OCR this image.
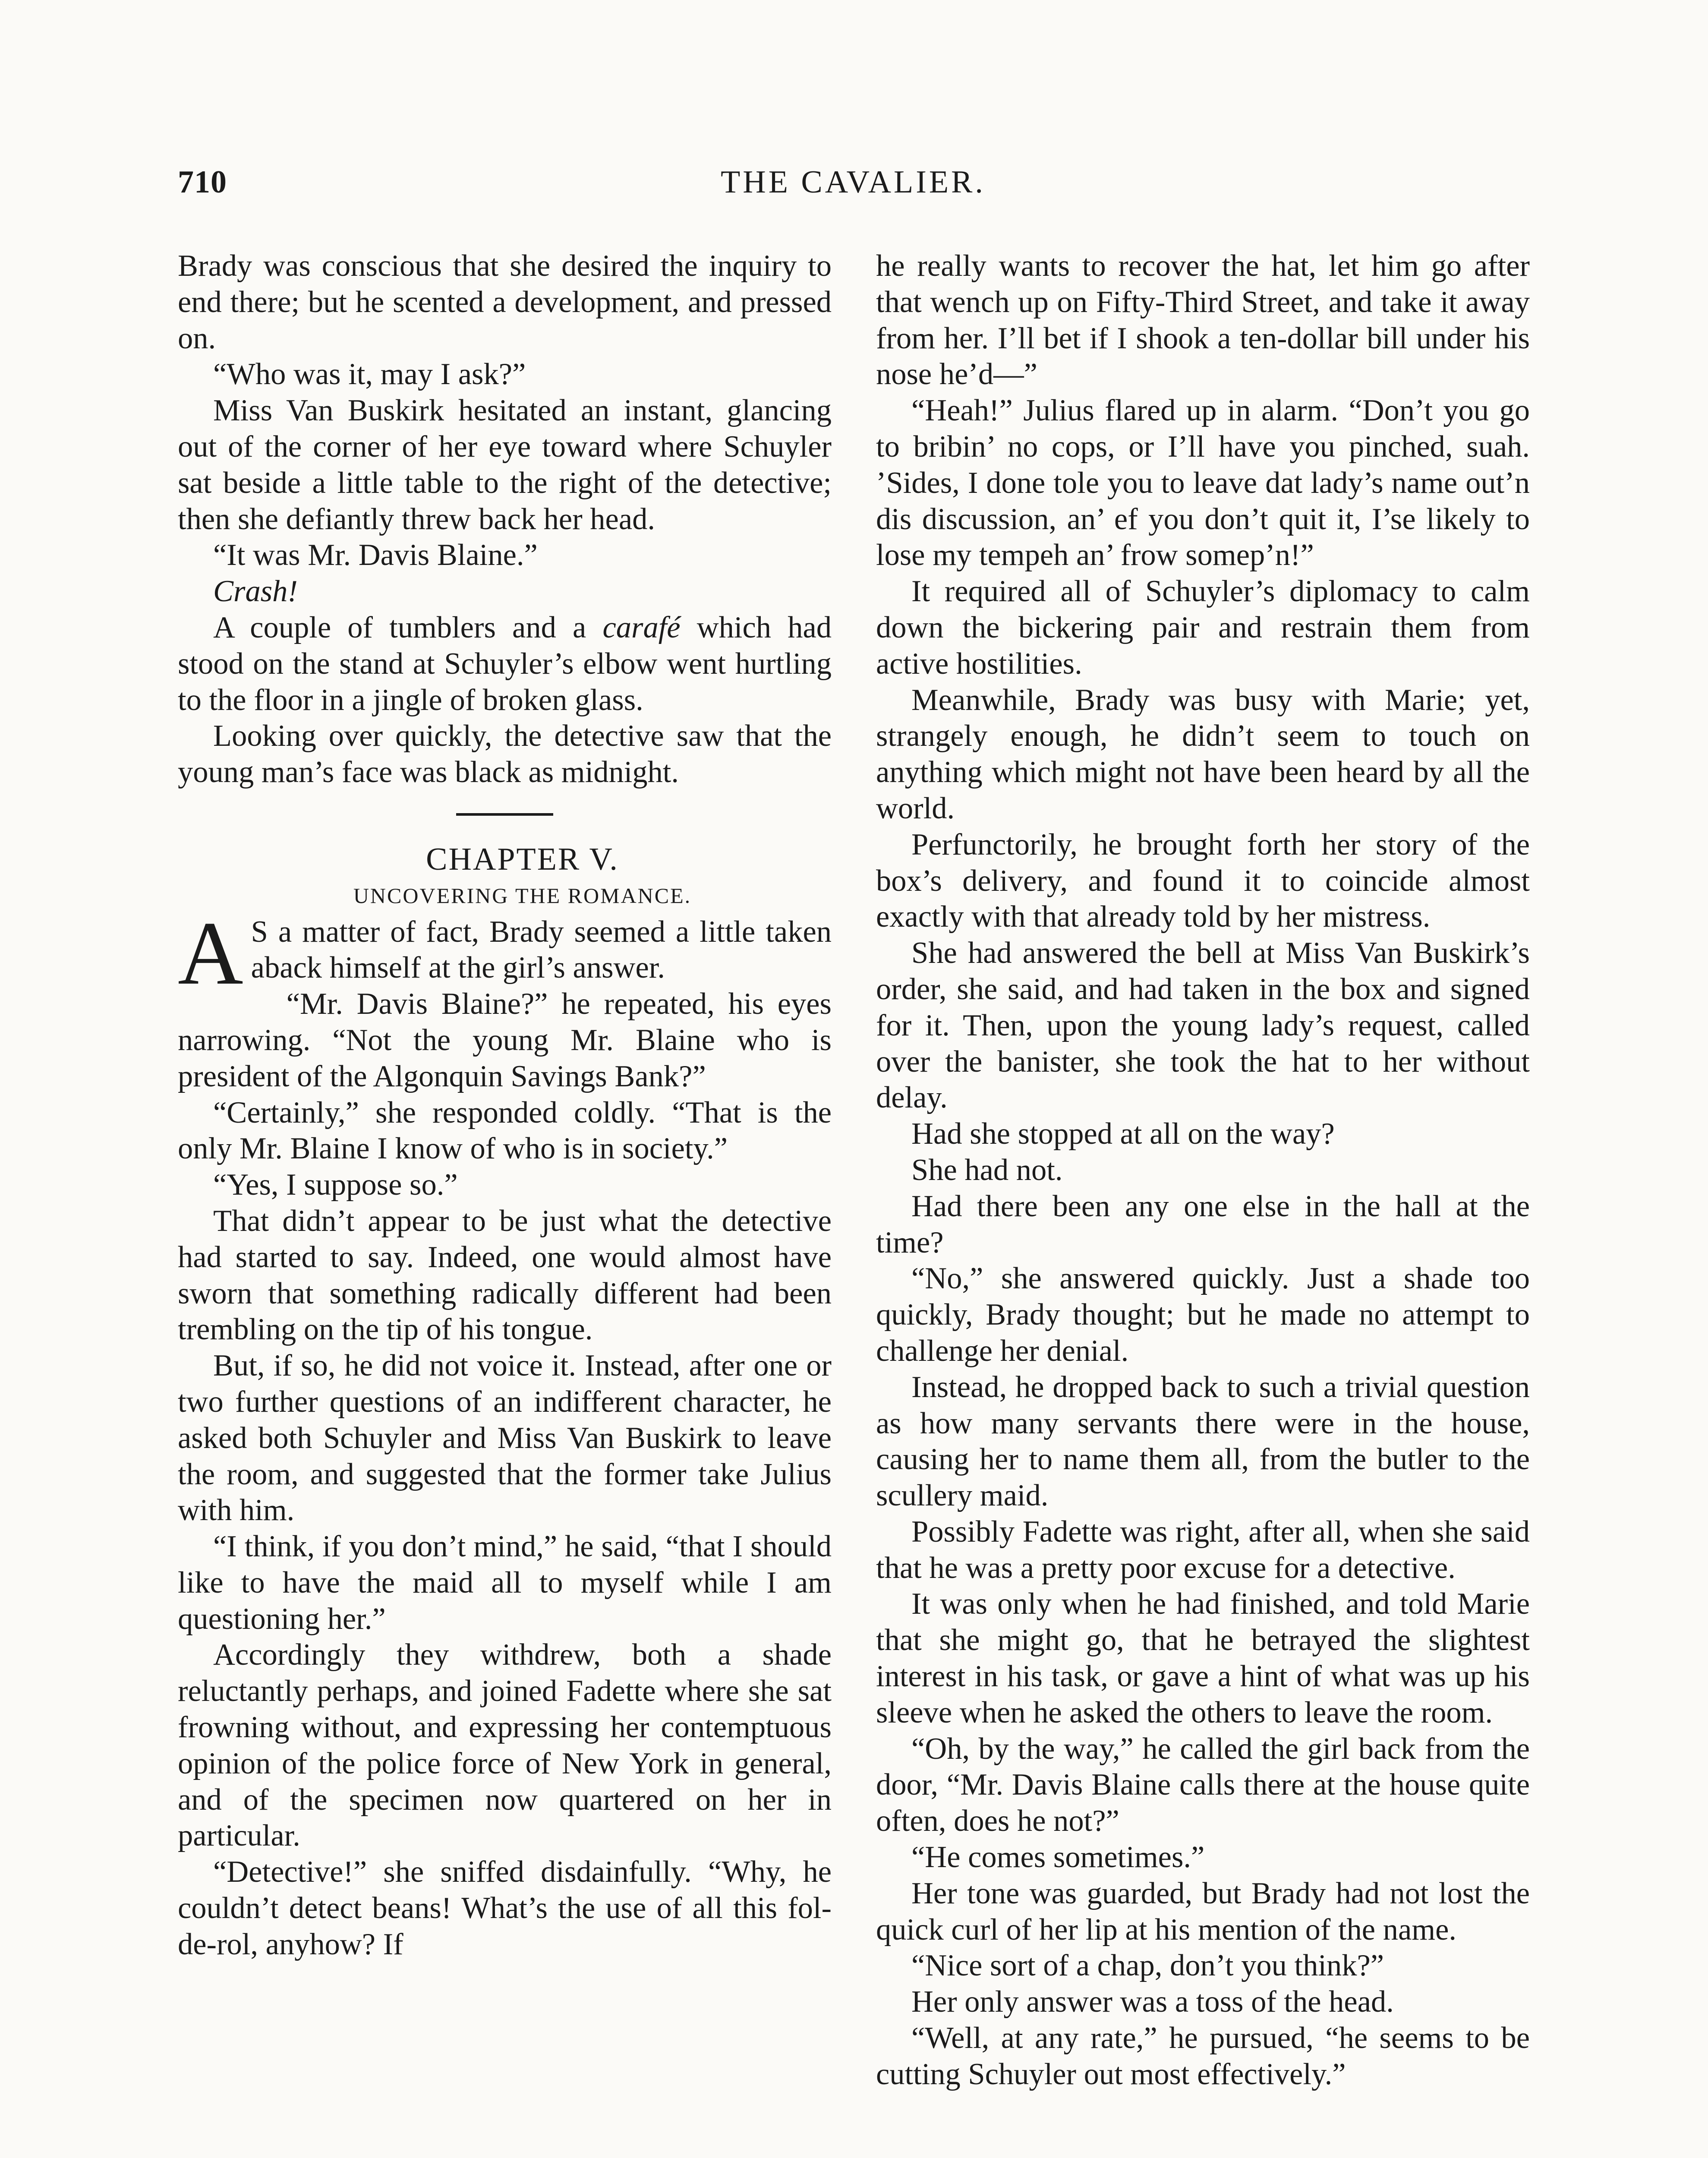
710	THE CAVALIER.

Brady was conscious that she desired the inquiry to end there; but he scented a development, and pressed on.

“Who was it, may I ask?”

Miss Van Buskirk hesitated an instant, glancing out of the corner of her eye toward where Schuyler sat beside a little table to the right of the detective; then she defiantly threw back her head.

“It was Mr. Davis Blaine.”

Crash!

A couple of tumblers and a carafé which had stood on the stand at Schuyler’s elbow went hurtling to the floor in a jingle of broken glass.

Looking over quickly, the detective saw that the young man’s face was black as midnight.

CHAPTER V.

UNCOVERING THE ROMANCE.

A S a matter of fact, Brady seemed a little taken aback himself at the girl’s answer.

“Mr. Davis Blaine?” he repeated, his eyes narrowing. “Not the young Mr. Blaine who is president of the Algonquin Savings Bank?”

“Certainly,” she responded coldly. “That is the only Mr. Blaine I know of who is in society.”

“Yes, I suppose so.”

That didn’t appear to be just what the detective had started to say. Indeed, one would almost have sworn that something radically different had been trembling on the tip of his tongue.

But, if so, he did not voice it. Instead, after one or two further questions of an indifferent character, he asked both Schuyler and Miss Van Buskirk to leave the room, and suggested that the former take Julius with him.

“I think, if you don’t mind,” he said, “that I should like to have the maid all to myself while I am questioning her.”

Accordingly they withdrew, both a shade reluctantly perhaps, and joined Fadette where she sat frowning without, and expressing her contemptuous opinion of the police force of New York in general, and of the specimen now quartered on her in particular.

“Detective!” she sniffed disdainfully. “Why, he couldn’t detect beans! What’s the use of all this fol-de-rol, anyhow? If

he really wants to recover the hat, let him go after that wench up on Fifty-Third Street, and take it away from her. I’ll bet if I shook a ten-dollar bill under his nose he’d—”

“Heah!” Julius flared up in alarm. “Don’t you go to bribin’ no cops, or I’ll have you pinched, suah. ’Sides, I done tole you to leave dat lady’s name out’n dis discussion, an’ ef you don’t quit it, I’se likely to lose my tempeh an’ frow somep’n!”

It required all of Schuyler’s diplomacy to calm down the bickering pair and restrain them from active hostilities.

Meanwhile, Brady was busy with Marie; yet, strangely enough, he didn’t seem to touch on anything which might not have been heard by all the world.

Perfunctorily, he brought forth her story of the box’s delivery, and found it to coincide almost exactly with that already told by her mistress.

She had answered the bell at Miss Van Buskirk’s order, she said, and had taken in the box and signed for it. Then, upon the young lady’s request, called over the banister, she took the hat to her without delay.

Had she stopped at all on the way?

She had not.

Had there been any one else in the hall at the time?

“No,” she answered quickly. Just a shade too quickly, Brady thought; but he made no attempt to challenge her denial.

Instead, he dropped back to such a trivial question as how many servants there were in the house, causing her to name them all, from the butler to the scullery maid.

Possibly Fadette was right, after all, when she said that he was a pretty poor excuse for a detective.

It was only when he had finished, and told Marie that she might go, that he betrayed the slightest interest in his task, or gave a hint of what was up his sleeve when he asked the others to leave the room.

“Oh, by the way,” he called the girl back from the door, “Mr. Davis Blaine calls there at the house quite often, does he not?”

“He comes sometimes.”

Her tone was guarded, but Brady had not lost the quick curl of her lip at his mention of the name.

“Nice sort of a chap, don’t you think?”

Her only answer was a toss of the head.

“Well, at any rate,” he pursued, “he seems to be cutting Schuyler out most effectively.”
